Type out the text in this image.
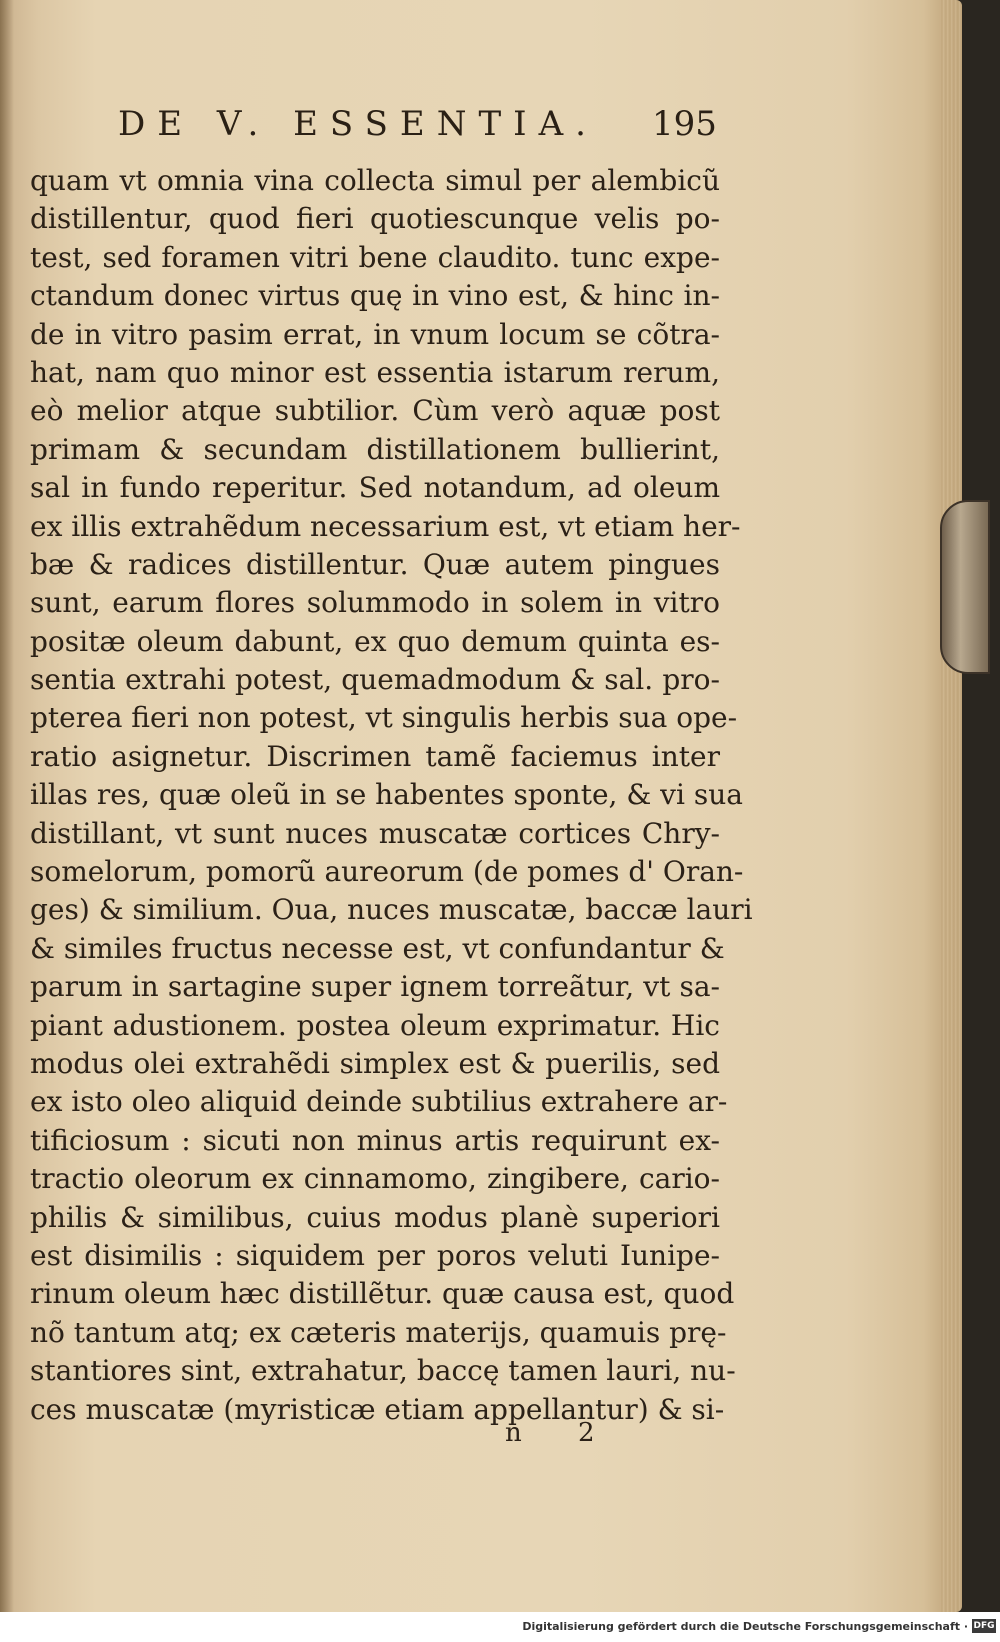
DE V. ESSENTIA. 195
quam vt omnia vina collecta simul per alembicũ
distillentur, quod fieri quotiescunque velis po-
test, sed foramen vitri bene claudito. tunc expe-
ctandum donec virtus quę in vino est, & hinc in-
de in vitro pasim errat, in vnum locum se cõtra-
hat, nam quo minor est essentia istarum rerum,
eò melior atque subtilior. Cùm verò aquæ post
primam & secundam distillationem bullierint,
sal in fundo reperitur. Sed notandum, ad oleum
ex illis extrahẽdum necessarium est, vt etiam her-
bæ & radices distillentur. Quæ autem pingues
sunt, earum flores solummodo in solem in vitro
positæ oleum dabunt, ex quo demum quinta es-
sentia extrahi potest, quemadmodum & sal. pro-
pterea fieri non potest, vt singulis herbis sua ope-
ratio asignetur. Discrimen tamẽ faciemus inter
illas res, quæ oleũ in se habentes sponte, & vi sua
distillant, vt sunt nuces muscatæ cortices Chry-
somelorum, pomorũ aureorum (de pomes d' Oran-
ges) & similium. Oua, nuces muscatæ, baccæ lauri
& similes fructus necesse est, vt confundantur &
parum in sartagine super ignem torreãtur, vt sa-
piant adustionem. postea oleum exprimatur. Hic
modus olei extrahẽdi simplex est & puerilis, sed
ex isto oleo aliquid deinde subtilius extrahere ar-
tificiosum : sicuti non minus artis requirunt ex-
tractio oleorum ex cinnamomo, zingibere, cario-
philis & similibus, cuius modus planè superiori
est disimilis : siquidem per poros veluti Iunipe-
rinum oleum hæc distillẽtur. quæ causa est, quod
nõ tantum atq; ex cæteris materijs, quamuis prę-
stantiores sint, extrahatur, baccę tamen lauri, nu-
ces muscatæ (myristicæ etiam appellantur) & si-
n 2
Digitalisierung gefördert durch die Deutsche Forschungsgemeinschaft · DFG
